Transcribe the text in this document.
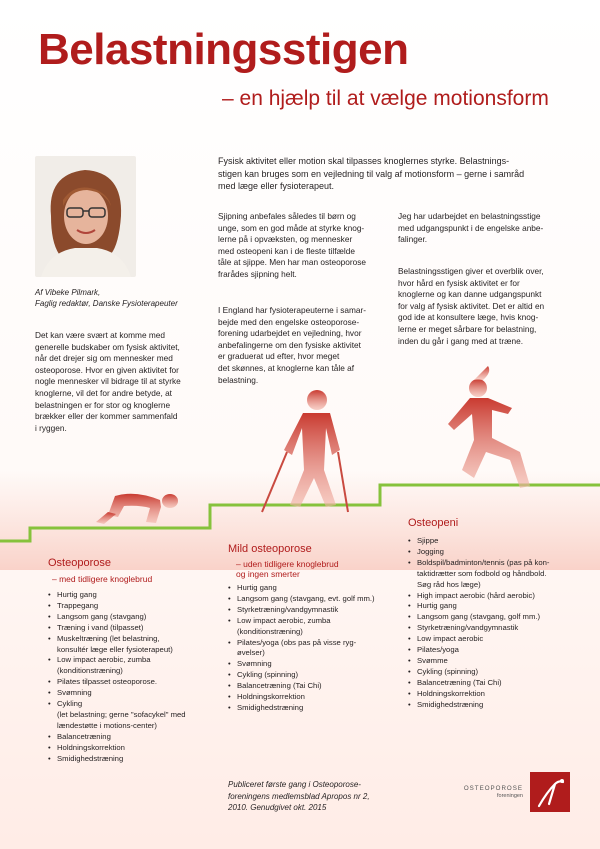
Belastningsstigen
– en hjælp til at vælge motionsform
Af Vibeke Pilmark,
Faglig redaktør, Danske Fysioterapeuter
Fysisk aktivitet eller motion skal tilpasses knoglernes styrke. Belastnings-
stigen kan bruges som en vejledning til valg af motionsform – gerne i samråd
med læge eller fysioterapeut.
Det kan være svært at komme med
generelle budskaber om fysisk aktivitet,
når det drejer sig om mennesker med
osteoporose. Hvor en given aktivitet for
nogle mennesker vil bidrage til at styrke
knoglerne, vil det for andre betyde, at
belastningen er for stor og knoglerne
brækker eller der kommer sammenfald
i ryggen.
Sjipning anbefales således til børn og
unge, som en god måde at styrke knog-
lerne på i opvæksten, og mennesker
med osteopeni kan i de fleste tilfælde
tåle at sjippe. Men har man osteoporose
frarådes sjipning helt.
I England har fysioterapeuterne i samar-
bejde med den engelske osteoporose-
forening udarbejdet en vejledning, hvor
anbefalingerne om den fysiske aktivitet
er graduerat ud efter, hvor meget
det skønnes, at knoglerne kan tåle af
belastning.
Jeg har udarbejdet en belastningsstige
med udgangspunkt i de engelske anbe-
falinger.
Belastningsstigen giver et overblik over,
hvor hård en fysisk aktivitet er for
knoglerne og kan danne udgangspunkt
for valg af fysisk aktivitet. Det er altid en
god ide at konsultere læge, hvis knog-
lerne er meget sårbare for belastning,
inden du går i gang med at træne.
Osteoporose
– med tidligere knoglebrud
• Hurtig gang
• Trappegang
• Langsom gang (stavgang)
• Træning i vand (tilpasset)
• Muskeltræning (let belastning,
konsultér læge eller fysioterapeut)
• Low impact aerobic, zumba
(konditionstræning)
• Pilates tilpasset osteoporose.
• Svømning
• Cykling
(let belastning; gerne "sofacykel" med
lændestøtte i motions-center)
• Balancetræning
• Holdningskorrektion
• Smidighedstræning
Mild osteoporose
– uden tidligere knoglebrud
og ingen smerter
• Hurtig gang
• Langsom gang (stavgang, evt. golf mm.)
• Styrketræning/vandgymnastik
• Low impact aerobic, zumba
(konditionstræning)
• Pilates/yoga (obs pas på visse ryg-
øvelser)
• Svømning
• Cykling (spinning)
• Balancetræning (Tai Chi)
• Holdningskorrektion
• Smidighedstræning
Osteopeni
• Sjippe
• Jogging
• Boldspil/badminton/tennis (pas på kon-
taktidrætter som fodbold og håndbold.
Søg råd hos læge)
• High impact aerobic (hård aerobic)
• Hurtig gang
• Langsom gang (stavgang, golf mm.)
• Styrketræning/vandgymnastik
• Low impact aerobic
• Pilates/yoga
• Svømme
• Cykling (spinning)
• Balancetræning (Tai Chi)
• Holdningskorrektion
• Smidighedstræning
Publiceret første gang i Osteoporose-
foreningens medlemsblad Apropos nr 2,
2010. Genudgivet okt. 2015
OSTEOPOROSE
foreningen
